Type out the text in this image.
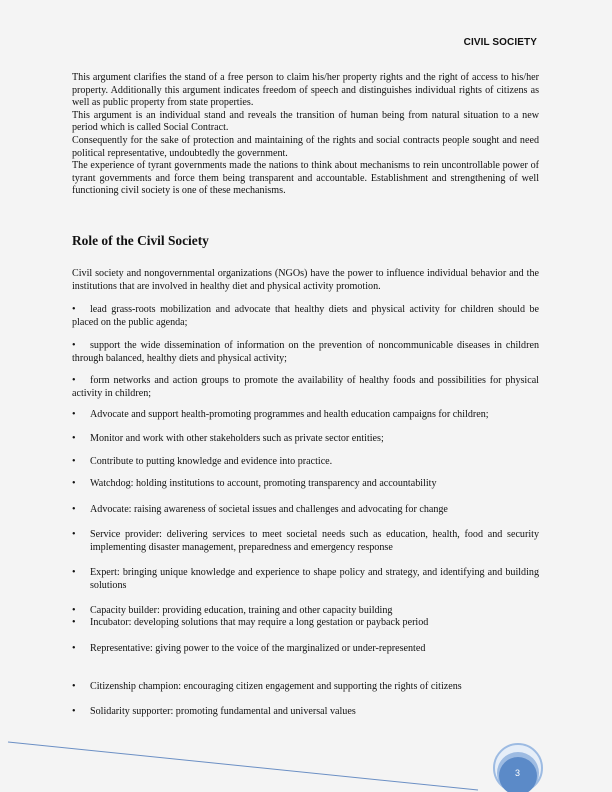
CIVIL SOCIETY

This argument clarifies the stand of a free person to claim his/her property rights and the right of access to his/her property. Additionally this argument indicates freedom of speech and distinguishes individual rights of citizens as well as public property from state properties.

This argument is an individual stand and reveals the transition of human being from natural situation to a new period which is called Social Contract.

Consequently for the sake of protection and maintaining of the rights and social contracts people sought and need political representative, undoubtedly the government.

The experience of tyrant governments made the nations to think about mechanisms to rein uncontrollable power of tyrant governments and force them being transparent and accountable. Establishment and strengthening of well functioning civil society is one of these mechanisms.

Role of the Civil Society

Civil society and nongovernmental organizations (NGOs) have the power to influence individual behavior and the institutions that are involved in healthy diet and physical activity promotion.

• lead grass-roots mobilization and advocate that healthy diets and physical activity for children should be placed on the public agenda;
• support the wide dissemination of information on the prevention of noncommunicable diseases in children through balanced, healthy diets and physical activity;
• form networks and action groups to promote the availability of healthy foods and possibilities for physical activity in children;
• Advocate and support health-promoting programmes and health education campaigns for children;
• Monitor and work with other stakeholders such as private sector entities;
• Contribute to putting knowledge and evidence into practice.
•	Watchdog: holding institutions to account, promoting transparency and accountability
•	Advocate: raising awareness of societal issues and challenges and advocating for change
•	Service provider: delivering services to meet societal needs such as education, health, food and security implementing disaster management, preparedness and emergency response
•	Expert: bringing unique knowledge and experience to shape policy and strategy, and identifying and building solutions
•	Capacity builder: providing education, training and other capacity building
•	Incubator: developing solutions that may require a long gestation or payback period
•	Representative: giving power to the voice of the marginalized or under-represented
•	Citizenship champion: encouraging citizen engagement and supporting the rights of citizens
•	Solidarity supporter: promoting fundamental and universal values
3
